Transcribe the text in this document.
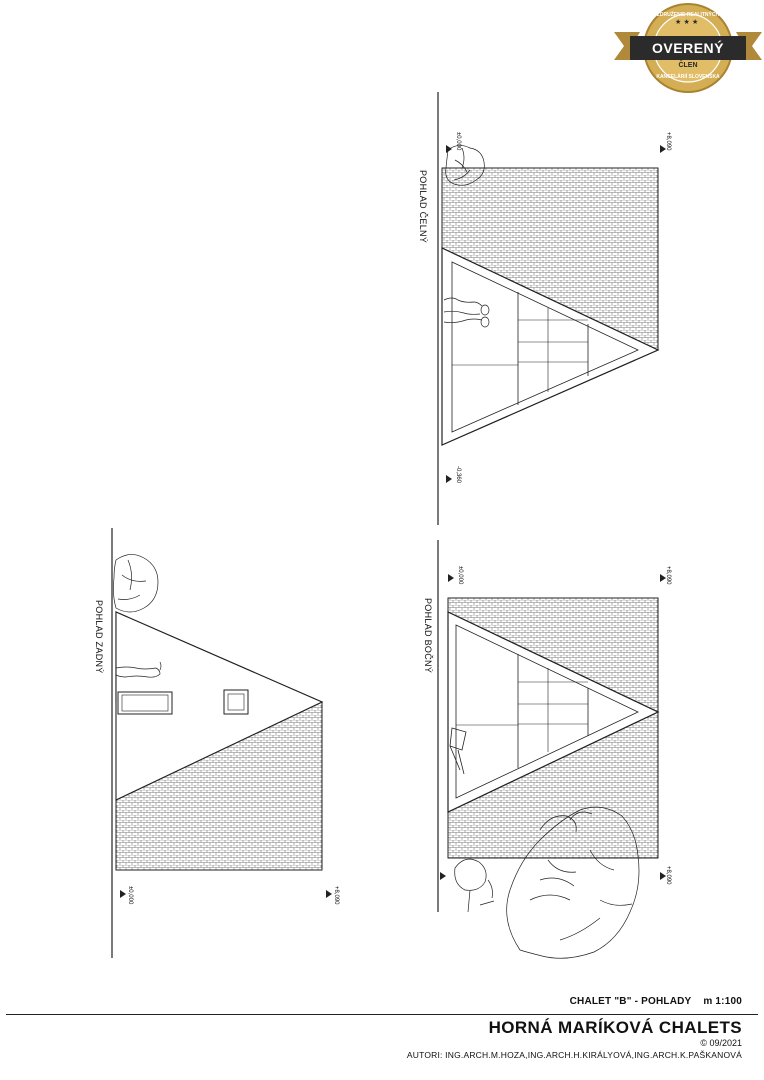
POHLAD ČELNÝ
POHLAD BOČNÝ
POHLAD ZADNÝ
±0,000	+8,090
-0,360
±0,000	+8,090
+8,090
±0,000	+8,090
★ ★ ★
ZDRUŽENIE REALITNÝCH
OVERENÝ
ČLEN
KANCELÁRIÍ SLOVENSKA
CHALET "B" - POHLADY m 1:100
HORNÁ MARÍKOVÁ CHALETS
© 09/2021
AUTORI: ING.ARCH.M.HOZA,ING.ARCH.H.KIRÁLYOVÁ,ING.ARCH.K.PAŠKANOVÁ
